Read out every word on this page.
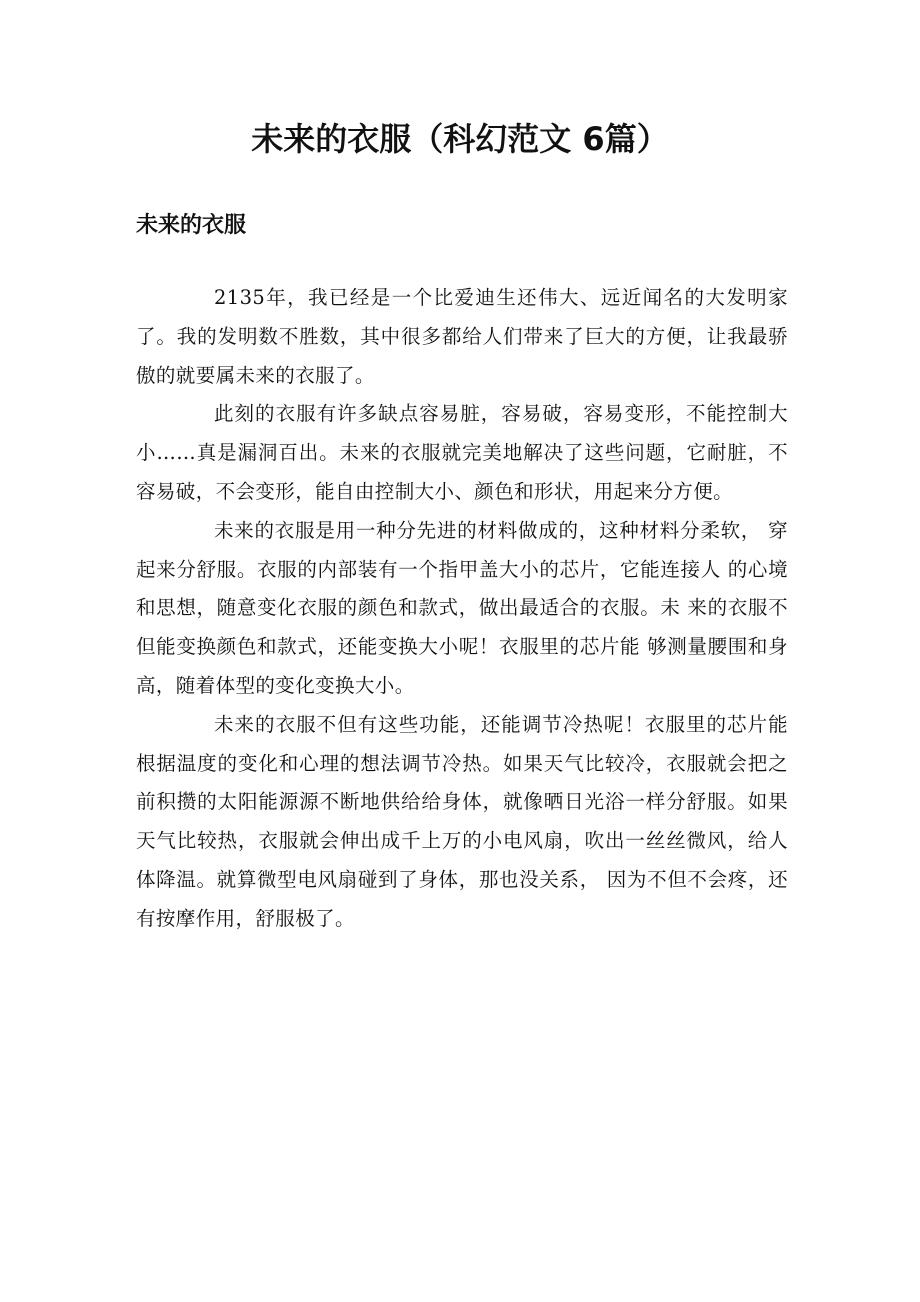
未来的衣服（科幻范文 6篇）
未来的衣服

2135年，我已经是一个比爱迪生还伟大、远近闻名的大发明家了。我的发明数不胜数，其中很多都给人们带来了巨大的方便，让我最骄傲的就要属未来的衣服了。

此刻的衣服有许多缺点容易脏，容易破，容易变形，不能控制大小……真是漏洞百出。未来的衣服就完美地解决了这些问题，它耐脏，不容易破，不会变形，能自由控制大小、颜色和形状，用起来分方便。

未来的衣服是用一种分先进的材料做成的，这种材料分柔软， 穿起来分舒服。衣服的内部装有一个指甲盖大小的芯片，它能连接人 的心境和思想，随意变化衣服的颜色和款式，做出最适合的衣服。未 来的衣服不但能变换颜色和款式，还能变换大小呢！衣服里的芯片能 够测量腰围和身高，随着体型的变化变换大小。

未来的衣服不但有这些功能，还能调节冷热呢！衣服里的芯片能根据温度的变化和心理的想法调节冷热。如果天气比较冷，衣服就会把之前积攒的太阳能源源不断地供给给身体，就像晒日光浴一样分舒服。如果天气比较热，衣服就会伸出成千上万的小电风扇，吹出一丝丝微风，给人体降温。就算微型电风扇碰到了身体，那也没关系， 因为不但不会疼，还有按摩作用，舒服极了。
